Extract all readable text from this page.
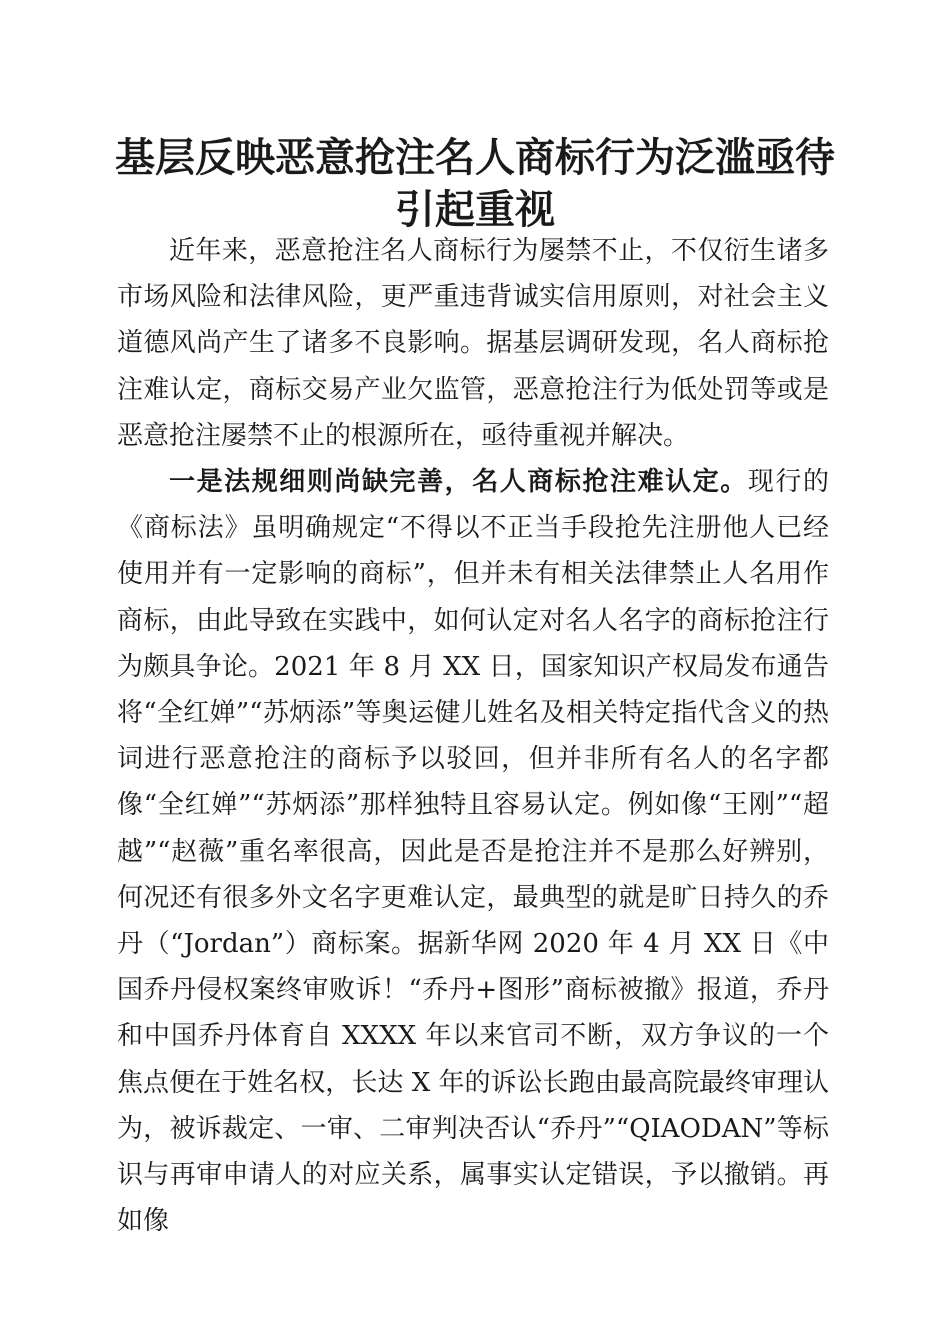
基层反映恶意抢注名人商标行为泛滥亟待引起重视

近年来，恶意抢注名人商标行为屡禁不止，不仅衍生诸多市场风险和法律风险，更严重违背诚实信用原则，对社会主义道德风尚产生了诸多不良影响。据基层调研发现，名人商标抢注难认定，商标交易产业欠监管，恶意抢注行为低处罚等或是恶意抢注屡禁不止的根源所在，亟待重视并解决。

一是法规细则尚缺完善，名人商标抢注难认定。现行的《商标法》虽明确规定“不得以不正当手段抢先注册他人已经使用并有一定影响的商标”，但并未有相关法律禁止人名用作商标，由此导致在实践中，如何认定对名人名字的商标抢注行为颇具争论。2021 年 8 月 XX 日，国家知识产权局发布通告将“全红婵”“苏炳添”等奥运健儿姓名及相关特定指代含义的热词进行恶意抢注的商标予以驳回，但并非所有名人的名字都像“全红婵”“苏炳添”那样独特且容易认定。例如像“王刚”“超越”“赵薇”重名率很高，因此是否是抢注并不是那么好辨别，何况还有很多外文名字更难认定，最典型的就是旷日持久的乔丹（“Jordan”）商标案。据新华网 2020 年 4 月 XX 日《中国乔丹侵权案终审败诉！“乔丹+图形”商标被撤》报道，乔丹和中国乔丹体育自 XXXX 年以来官司不断，双方争议的一个焦点便在于姓名权，长达 X 年的诉讼长跑由最高院最终审理认为，被诉裁定、一审、二审判决否认“乔丹”“QIAODAN”等标识与再审申请人的对应关系，属事实认定错误，予以撤销。再如像
